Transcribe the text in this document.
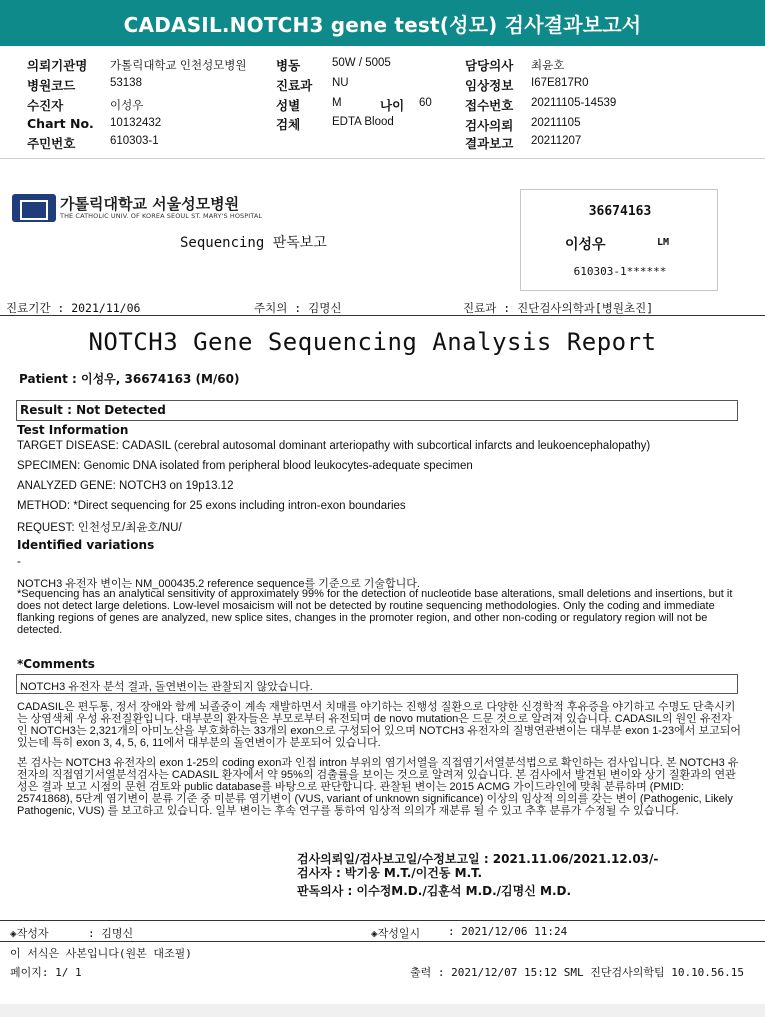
CADASIL.NOTCH3 gene test(성모) 검사결과보고서
의뢰기관명 가톨릭대학교 인천성모병원 병동	50W / 5005	담당의사 최윤호
병원코드	53138	진료과 NU	임상정보 I67E817R0
수진자	이성우	성별	M	나이 60	접수번호 20211105-14539
Chart No. 10132432	검체	EDTA Blood	검사의뢰 20211105
주민번호	610303-1	결과보고 20211207
가톨릭대학교 서울성모병원
THE CATHOLIC UNIV. OF KOREA SEOUL ST. MARY'S HOSPITAL
Sequencing 판독보고
36674163
이성우	LM
610303-1******
진료기간 : 2021/11/06	주치의 : 김명신	진료과 : 진단검사의학과[병원초진]
NOTCH3 Gene Sequencing Analysis Report
Patient : 이성우, 36674163 (M/60)
Result : Not Detected
Test Information
TARGET DISEASE: CADASIL (cerebral autosomal dominant arteriopathy with subcortical infarcts and leukoencephalopathy)
SPECIMEN: Genomic DNA isolated from peripheral blood leukocytes-adequate specimen
ANALYZED GENE: NOTCH3 on 19p13.12
METHOD: *Direct sequencing for 25 exons including intron-exon boundaries
REQUEST: 인천성모/최윤호/NU/
Identified variations
-
NOTCH3 유전자 변이는 NM_000435.2 reference sequence를 기준으로 기술합니다.
*Sequencing has an analytical sensitivity of approximately 99% for the detection of nucleotide base alterations, small deletions and insertions, but it does not detect large deletions. Low-level mosaicism will not be detected by routine sequencing methodologies. Only the coding and immediate flanking regions of genes are analyzed, new splice sites, changes in the promoter region, and other non-coding or regulatory region will not be detected.
*Comments
NOTCH3 유전자 분석 결과, 돌연변이는 관찰되지 않았습니다.
CADASIL은 편두통, 정서 장애와 함께 뇌졸중이 계속 재발하면서 치매를 야기하는 진행성 질환으로 다양한 신경학적 후유증을 야기하고 수명도 단축시키는 상염색체 우성 유전질환입니다. 대부분의 환자들은 부모로부터 유전되며 de novo mutation은 드문 것으로 알려져 있습니다. CADASIL의 원인 유전자인 NOTCH3는 2,321개의 아미노산을 부호화하는 33개의 exon으로 구성되어 있으며 NOTCH3 유전자의 질병연관변이는 대부분 exon 1-23에서 보고되어 있는데 특히 exon 3, 4, 5, 6, 11에서 대부분의 돌연변이가 분포되어 있습니다.
본 검사는 NOTCH3 유전자의 exon 1-25의 coding exon과 인접 intron 부위의 염기서열을 직접염기서열분석법으로 확인하는 검사입니다. 본 NOTCH3 유전자의 직접염기서열분석검사는 CADASIL 환자에서 약 95%의 검출률을 보이는 것으로 알려져 있습니다. 본 검사에서 발견된 변이와 상기 질환과의 연관성은 결과 보고 시점의 문헌 검토와 public database를 바탕으로 판단합니다. 관찰된 변이는 2015 ACMG 가이드라인에 맞춰 분류하며 (PMID: 25741868), 5단계 염기변이 분류 기준 중 미분류 염기변이 (VUS, variant of unknown significance) 이상의 임상적 의의를 갖는 변이 (Pathogenic, Likely Pathogenic, VUS) 를 보고하고 있습니다. 일부 변이는 후속 연구를 통하여 임상적 의의가 재분류 될 수 있고 추후 분류가 수정될 수 있습니다.
검사의뢰일/검사보고일/수정보고일 : 2021.11.06/2021.12.03/-
검사자 : 박기웅 M.T./이건동 M.T.
판독의사 : 이수정M.D./김훈석 M.D./김명신 M.D.
◈작성자	: 김명신	◈작성일시	: 2021/12/06 11:24
이 서식은 사본입니다(원본 대조필)
페이지: 1/ 1	출력 : 2021/12/07 15:12 SML 진단검사의학팀 10.10.56.15
